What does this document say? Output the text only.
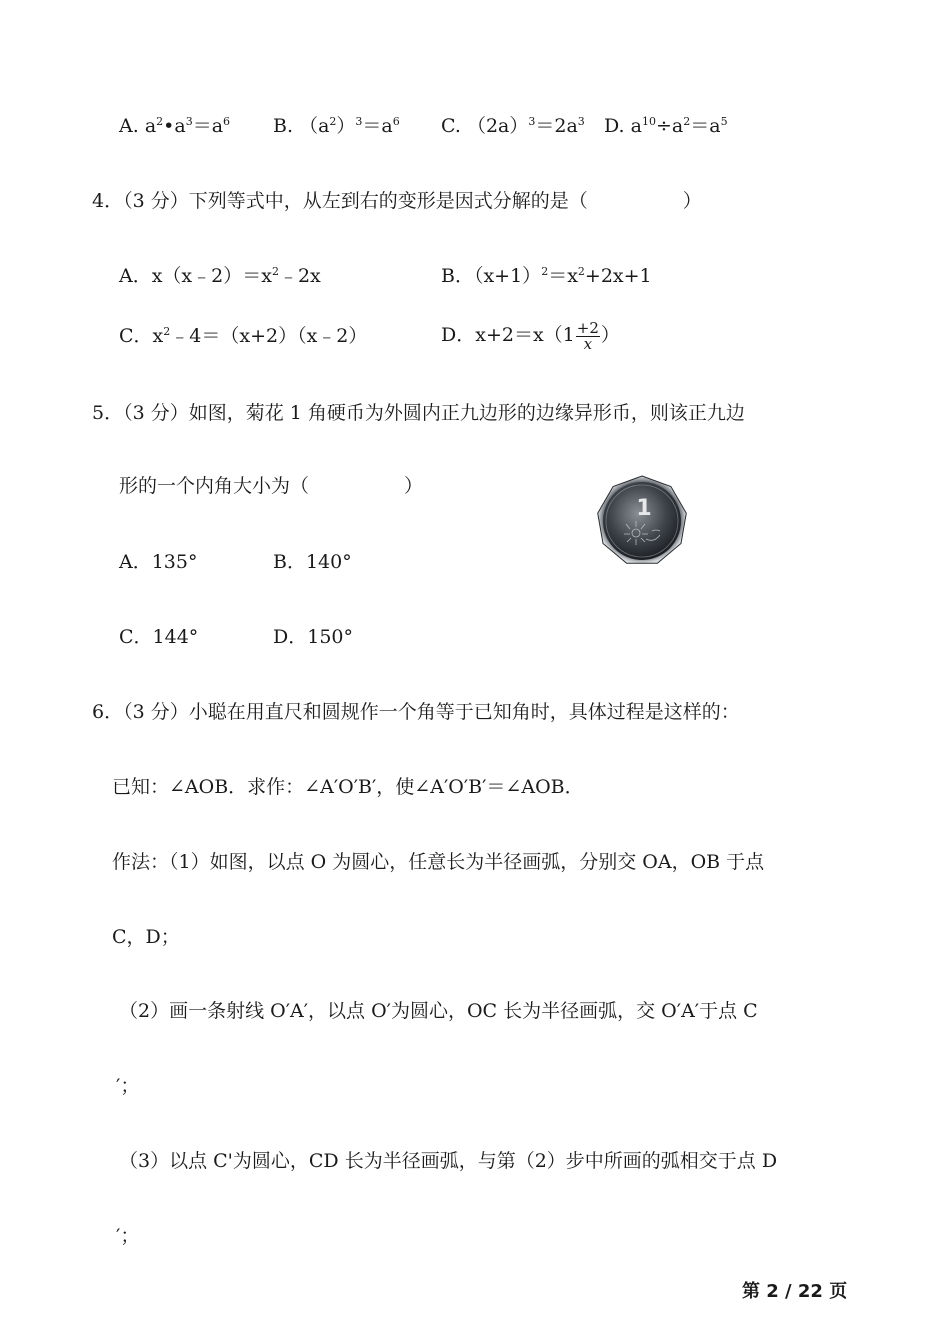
A. $a^2•a^3=a^6$ B. $(a^2)^3=a^6$ C. $(2a)^3=2a^3$ D. $a^{10}\div a^2=a^5$
4．（3 分）下列等式中，从左到右的变形是因式分解的是（　　　　　）
A．$x(x﹣2)=x^2﹣2x$	B．$(x+1)^2=x^2+2x+1$
C．$x^2﹣4=(x+2)(x﹣2)$	D．$x+2=x(1 \frac{+2}{x}$ ）
5．（3 分）如图，菊花 1 角硬币为外圆内正九边形的边缘异形币，则该正九边
形的一个内角大小为（　　　　　）
A．135°	B．140°
C．144°	D．150°
1
6．（3 分）小聪在用直尺和圆规作一个角等于已知角时，具体过程是这样的：
已知：∠AOB．求作：∠A′O′B′，使∠A′O′B′＝∠AOB．
作法：（1）如图，以点 O 为圆心，任意长为半径画弧，分别交 OA，OB 于点
C，D；
（2）画一条射线 O′A′，以点 O′为圆心，OC 长为半径画弧，交 O′A′于点 C
′；
（3）以点 C'为圆心，CD 长为半径画弧，与第（2）步中所画的弧相交于点 D
′；
第 2 / 22 页
